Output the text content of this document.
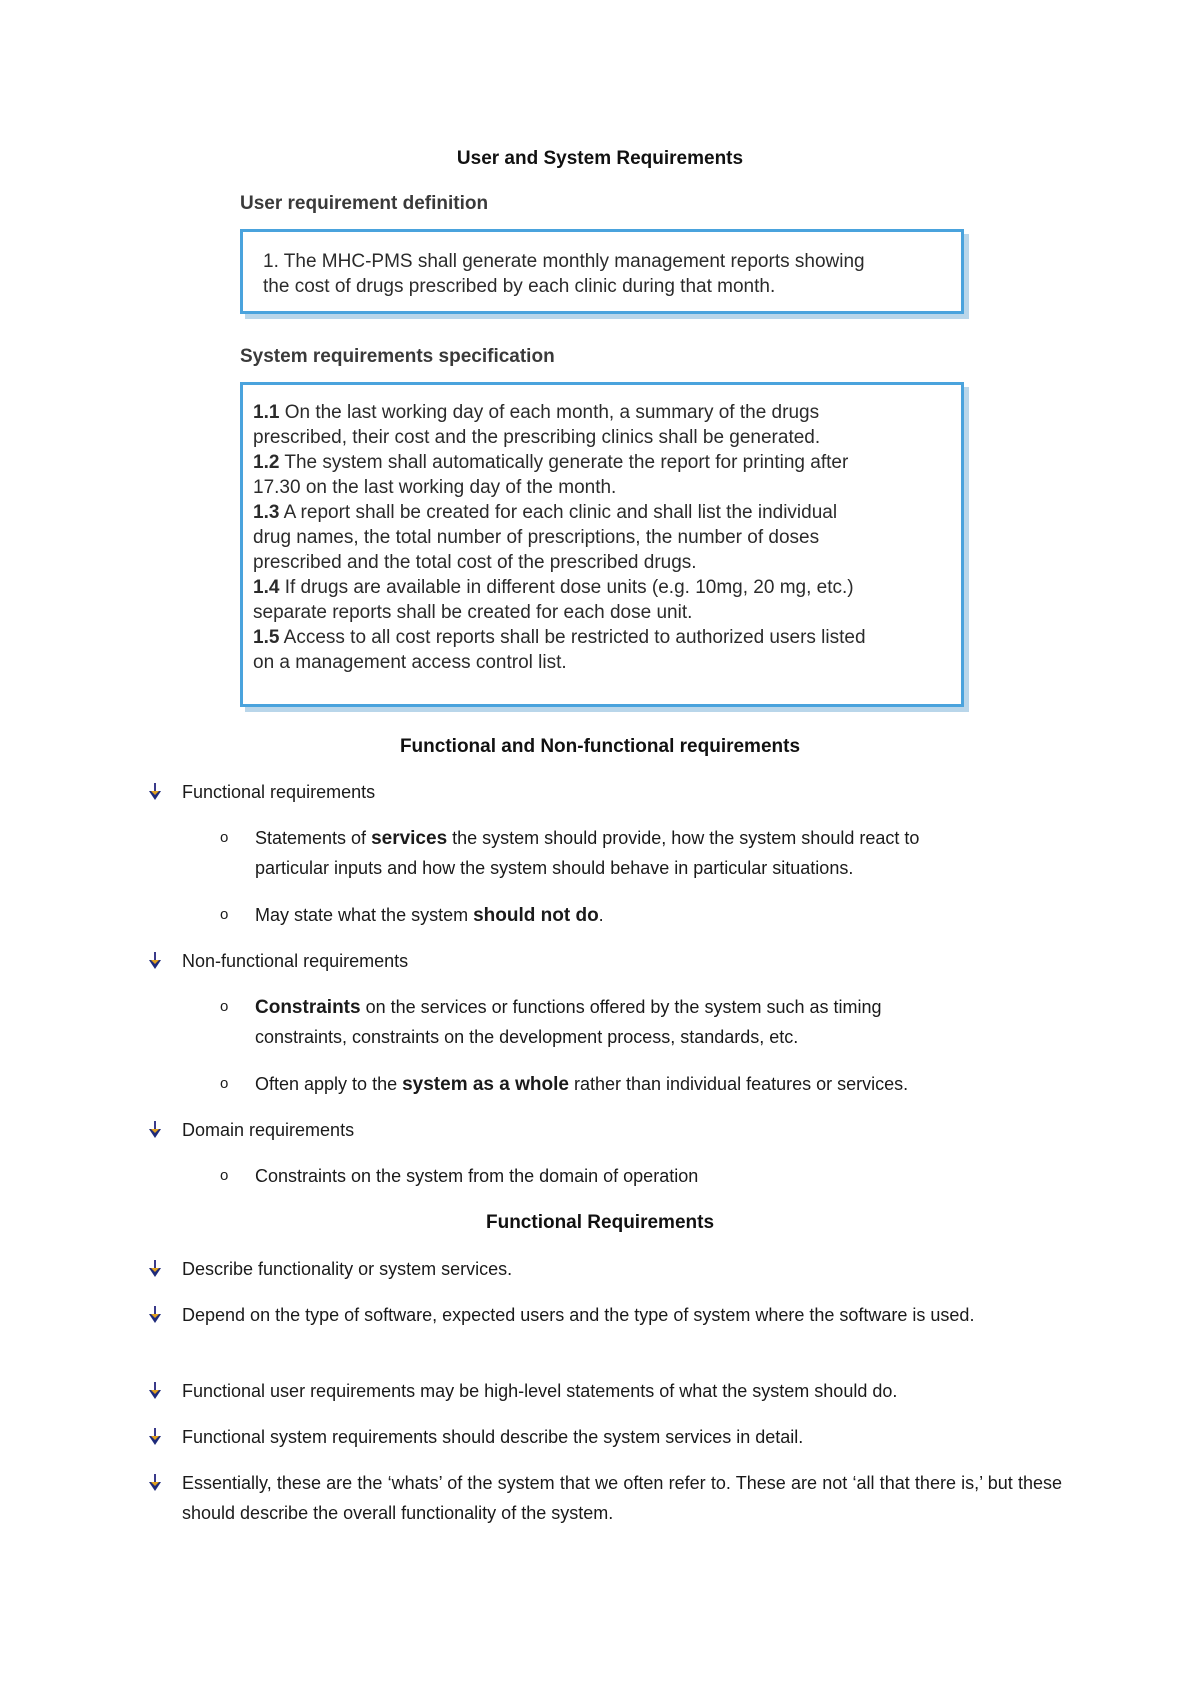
User and System Requirements
User requirement definition
1. The MHC-PMS shall generate monthly management reports showing
the cost of drugs prescribed by each clinic during that month.
System requirements specification
1.1 On the last working day of each month, a summary of the drugs
prescribed, their cost and the prescribing clinics shall be generated.
1.2 The system shall automatically generate the report for printing after
17.30 on the last working day of the month.
1.3 A report shall be created for each clinic and shall list the individual
drug names, the total number of prescriptions, the number of doses
prescribed and the total cost of the prescribed drugs.
1.4 If drugs are available in different dose units (e.g. 10mg, 20 mg, etc.)
separate reports shall be created for each dose unit.
1.5 Access to all cost reports shall be restricted to authorized users listed
on a management access control list.
Functional and Non-functional requirements
Functional requirements
o Statements of services the system should provide, how the system should react to
particular inputs and how the system should behave in particular situations.
o May state what the system should not do.
Non-functional requirements
o Constraints on the services or functions offered by the system such as timing
constraints, constraints on the development process, standards, etc.
o Often apply to the system as a whole rather than individual features or services.
Domain requirements
o Constraints on the system from the domain of operation
Functional Requirements
Describe functionality or system services.
Depend on the type of software, expected users and the type of system where the software is used.
Functional user requirements may be high-level statements of what the system should do.
Functional system requirements should describe the system services in detail.
Essentially, these are the ‘whats’ of the system that we often refer to. These are not ‘all that there is,’ but these should describe the overall functionality of the system.
